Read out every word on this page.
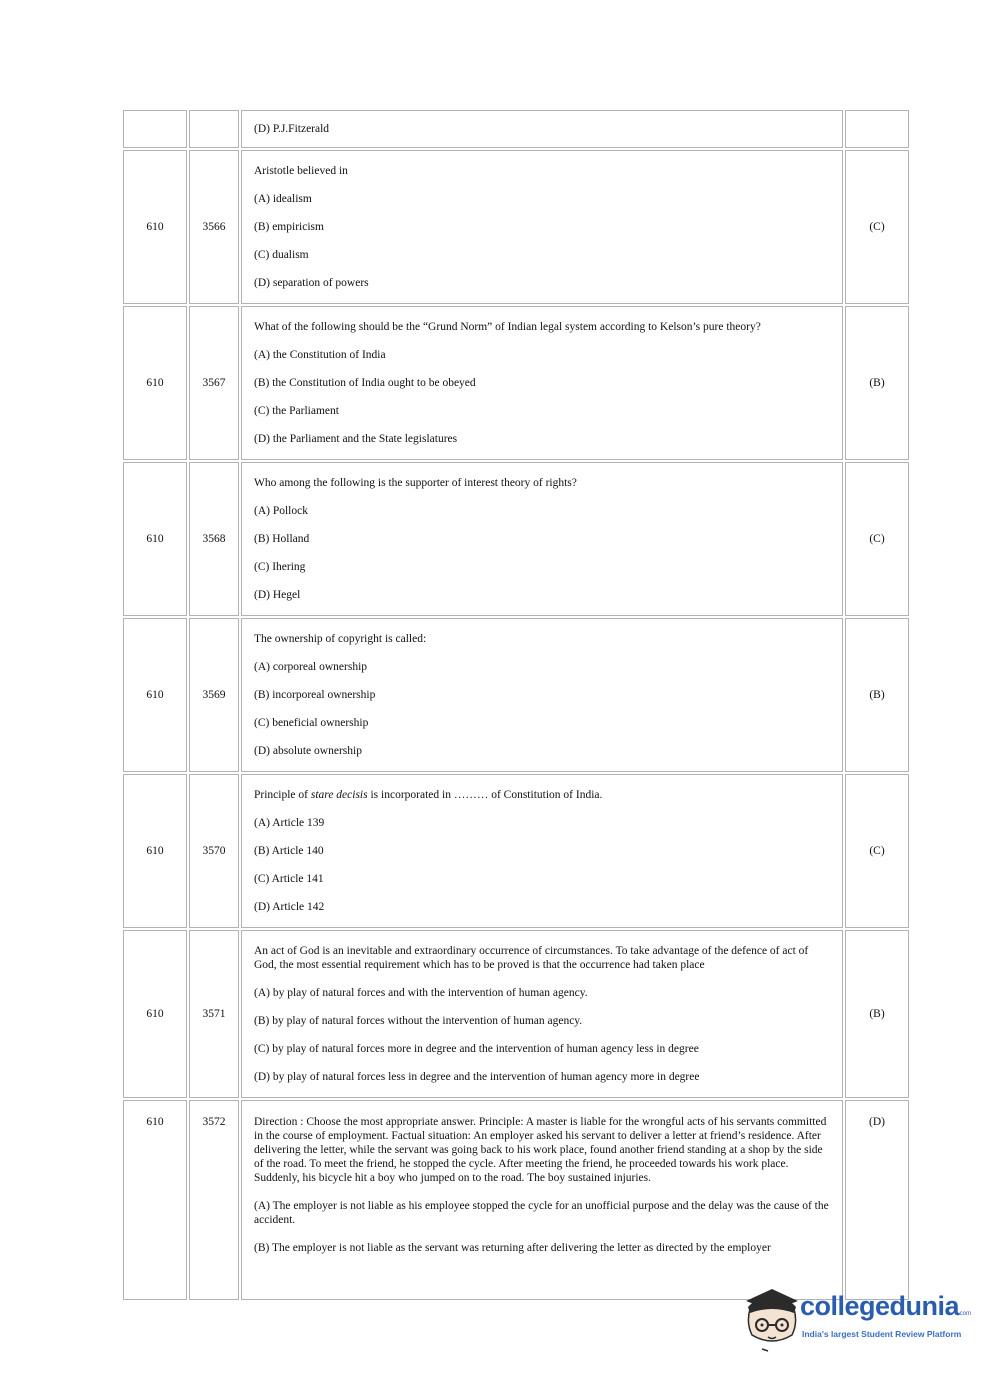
		(D) P.J.Fitzerald	

610	3566	Aristotle believed in
(A) idealism
(B) empiricism
(C) dualism
(D) separation of powers	(C)
610	3567	What of the following should be the “Grund Norm” of Indian legal system according to Kelson’s pure theory?
(A) the Constitution of India
(B) the Constitution of India ought to be obeyed
(C) the Parliament
(D) the Parliament and the State legislatures	(B)
610	3568	Who among the following is the supporter of interest theory of rights?
(A) Pollock
(B) Holland
(C) Ihering
(D) Hegel	(C)
610	3569	The ownership of copyright is called:
(A) corporeal ownership
(B) incorporeal ownership
(C) beneficial ownership
(D) absolute ownership	(B)
610	3570	Principle of stare decisis is incorporated in ……… of Constitution of India.
(A) Article 139
(B) Article 140
(C) Article 141
(D) Article 142	(C)
610	3571	An act of God is an inevitable and extraordinary occurrence of circumstances. To take advantage of the defence of act of God, the most essential requirement which has to be proved is that the occurrence had taken place
(A) by play of natural forces and with the intervention of human agency.
(B) by play of natural forces without the intervention of human agency.
(C) by play of natural forces more in degree and the intervention of human agency less in degree
(D) by play of natural forces less in degree and the intervention of human agency more in degree	(B)
610	3572	Direction : Choose the most appropriate answer. Principle: A master is liable for the wrongful acts of his servants committed in the course of employment. Factual situation: An employer asked his servant to deliver a letter at friend’s residence. After delivering the letter, while the servant was going back to his work place, found another friend standing at a shop by the side of the road. To meet the friend, he stopped the cycle. After meeting the friend, he proceeded towards his work place. Suddenly, his bicycle hit a boy who jumped on to the road. The boy sustained injuries.
(A) The employer is not liable as his employee stopped the cycle for an unofficial purpose and the delay was the cause of the accident.
(B) The employer is not liable as the servant was returning after delivering the letter as directed by the employer	(D)
collegedunia
.com
India's largest Student Review Platform
